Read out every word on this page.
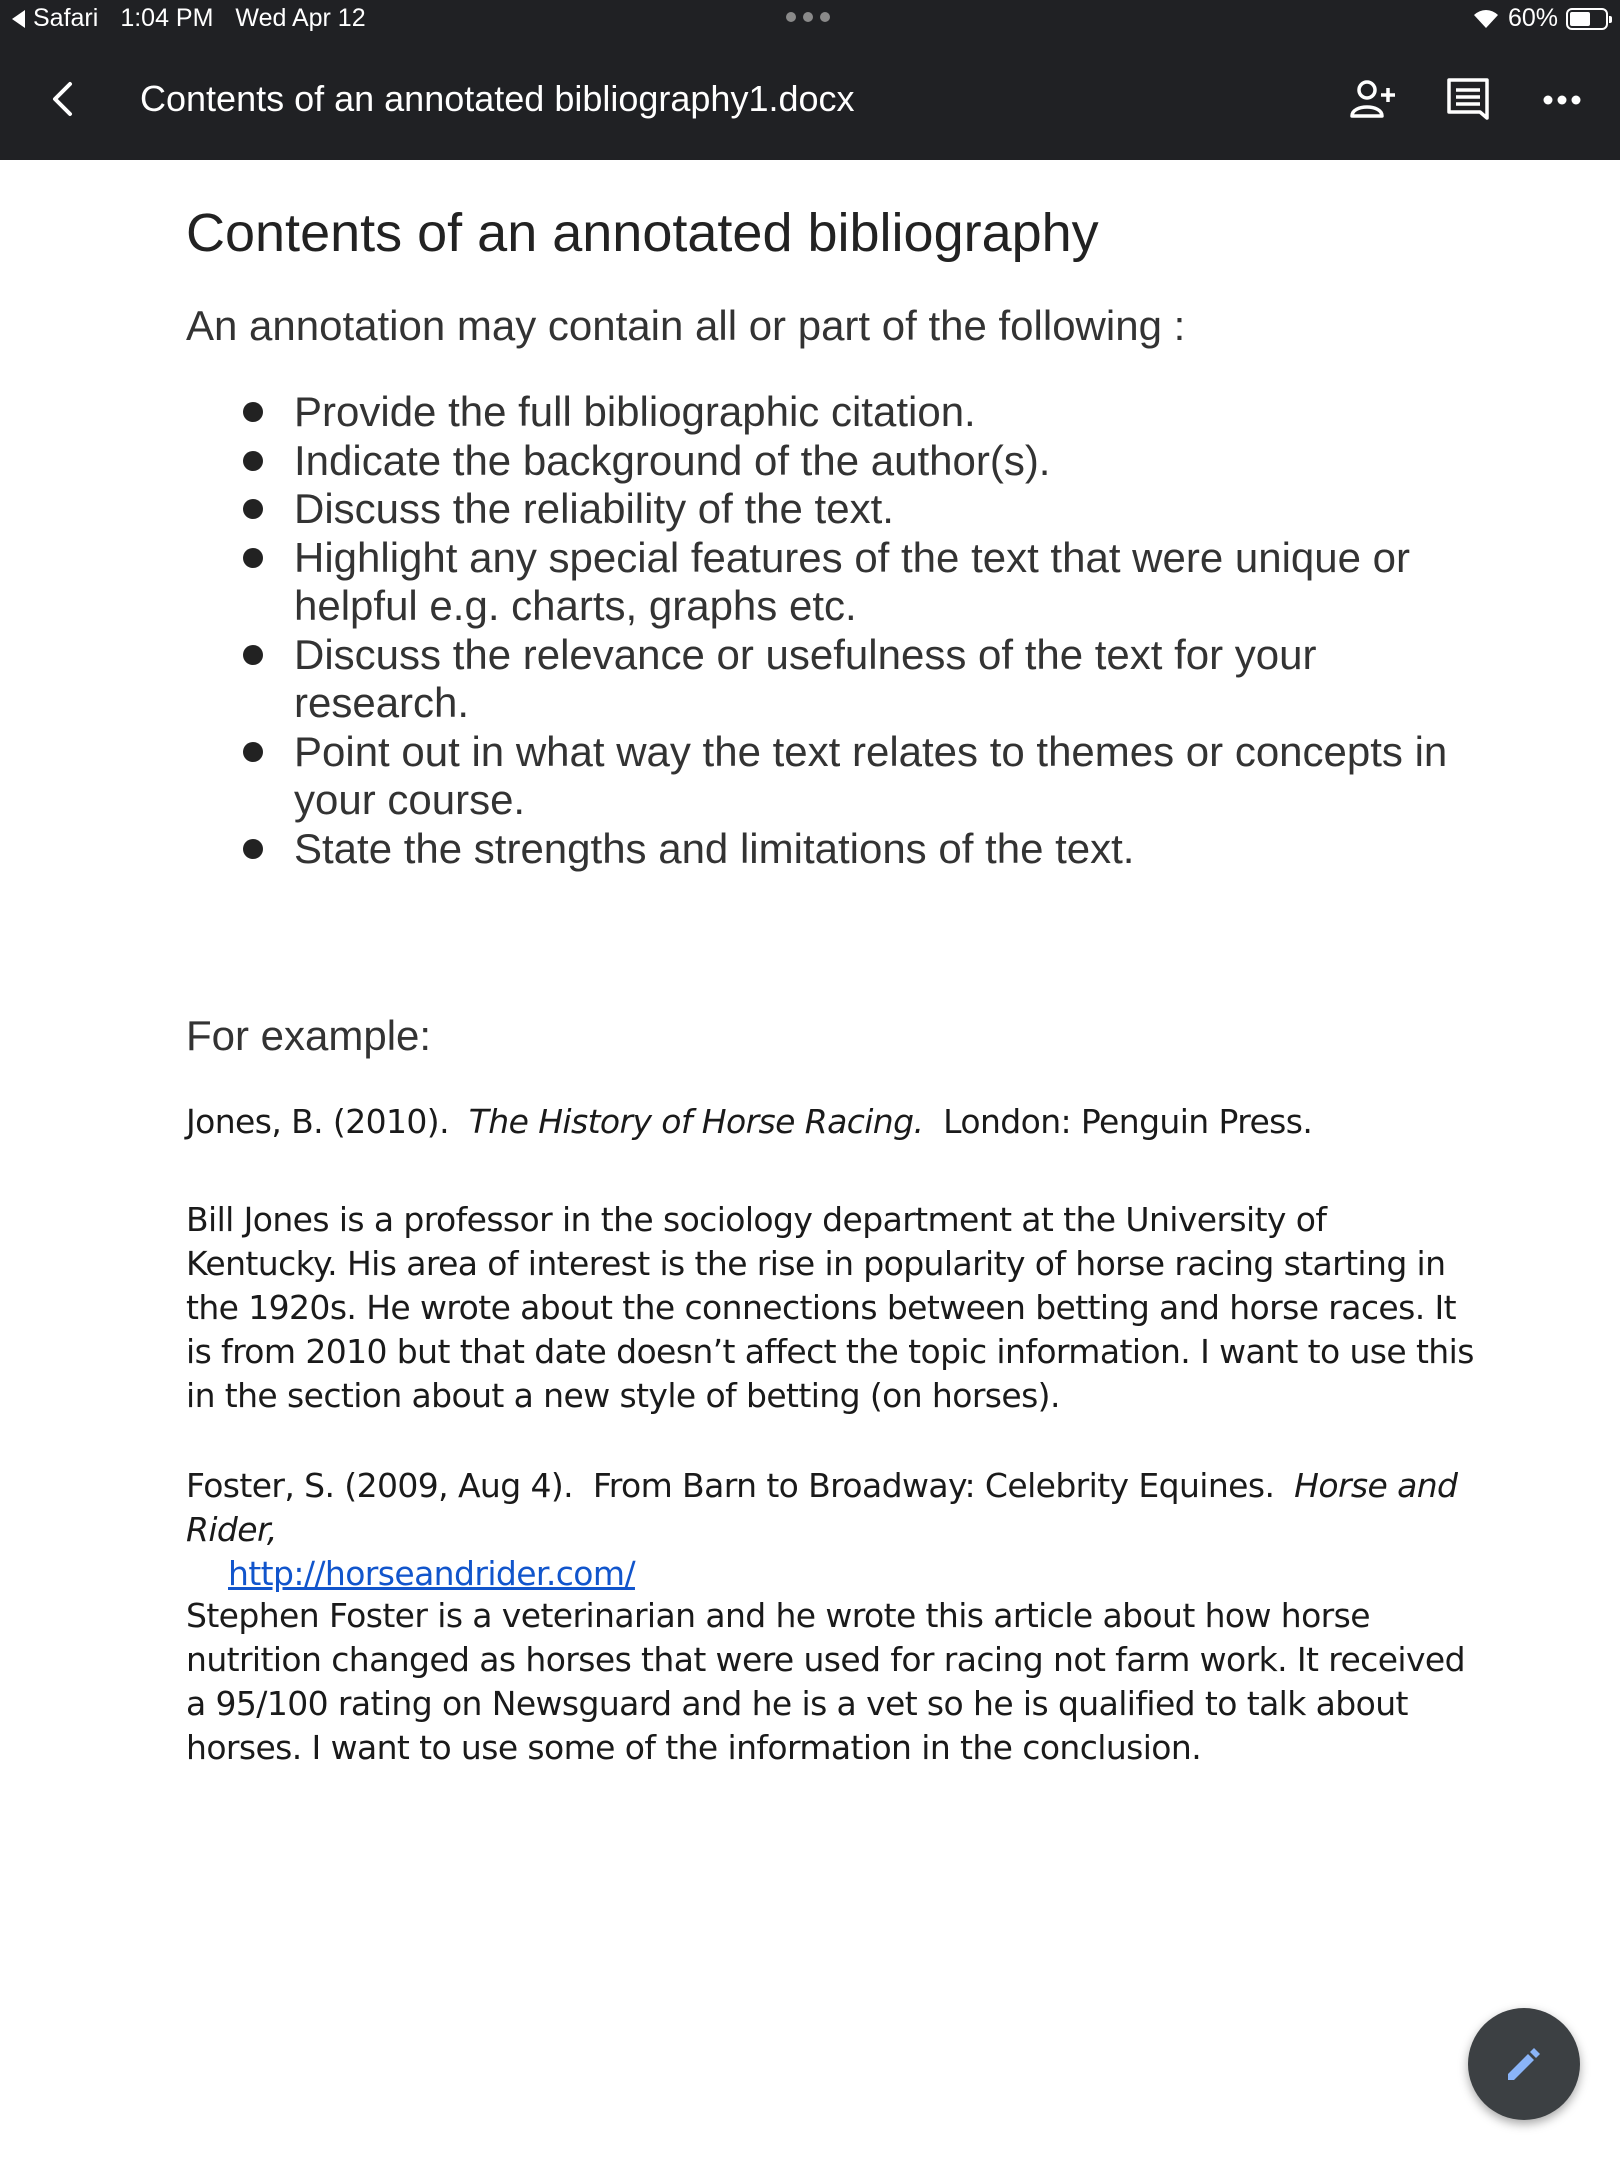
Safari 1:04 PM Wed Apr 12	60%
Contents of an annotated bibliography1.docx
Contents of an annotated bibliography
An annotation may contain all or part of the following :
Provide the full bibliographic citation.
Indicate the background of the author(s).
Discuss the reliability of the text.
Highlight any special features of the text that were unique or helpful e.g. charts, graphs etc.
Discuss the relevance or usefulness of the text for your research.
Point out in what way the text relates to themes or concepts in your course.
State the strengths and limitations of the text.
For example:
Jones, B. (2010). The History of Horse Racing. London: Penguin Press.
Bill Jones is a professor in the sociology department at the University of Kentucky. His area of interest is the rise in popularity of horse racing starting in the 1920s. He wrote about the connections between betting and horse races. It is from 2010 but that date doesn’t affect the topic information. I want to use this in the section about a new style of betting (on horses).
Foster, S. (2009, Aug 4). From Barn to Broadway: Celebrity Equines. Horse and Rider,
http://horseandrider.com/
Stephen Foster is a veterinarian and he wrote this article about how horse nutrition changed as horses that were used for racing not farm work. It received a 95/100 rating on Newsguard and he is a vet so he is qualified to talk about horses. I want to use some of the information in the conclusion.
